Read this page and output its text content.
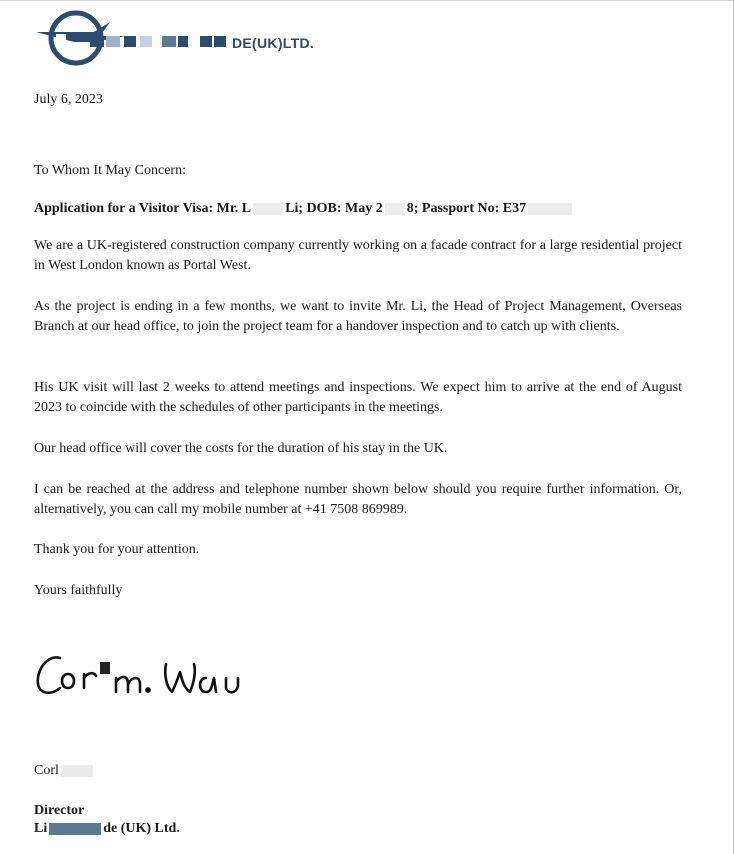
DE(UK)LTD.
July 6, 2023
To Whom It May Concern:
Application for a Visitor Visa: Mr. L Li; DOB: May 2 8; Passport No: E37

We are a UK-registered construction company currently working on a facade contract for a large residential project in West London known as Portal West.

As the project is ending in a few months, we want to invite Mr. Li, the Head of Project Management, Overseas Branch at our head office, to join the project team for a handover inspection and to catch up with clients.

His UK visit will last 2 weeks to attend meetings and inspections. We expect him to arrive at the end of August 2023 to coincide with the schedules of other participants in the meetings.

Our head office will cover the costs for the duration of his stay in the UK.

I can be reached at the address and telephone number shown below should you require further information. Or, alternatively, you can call my mobile number at +41 7508 869989.

Thank you for your attention.

Yours faithfully
Corl
Director
Li	de (UK) Ltd.
